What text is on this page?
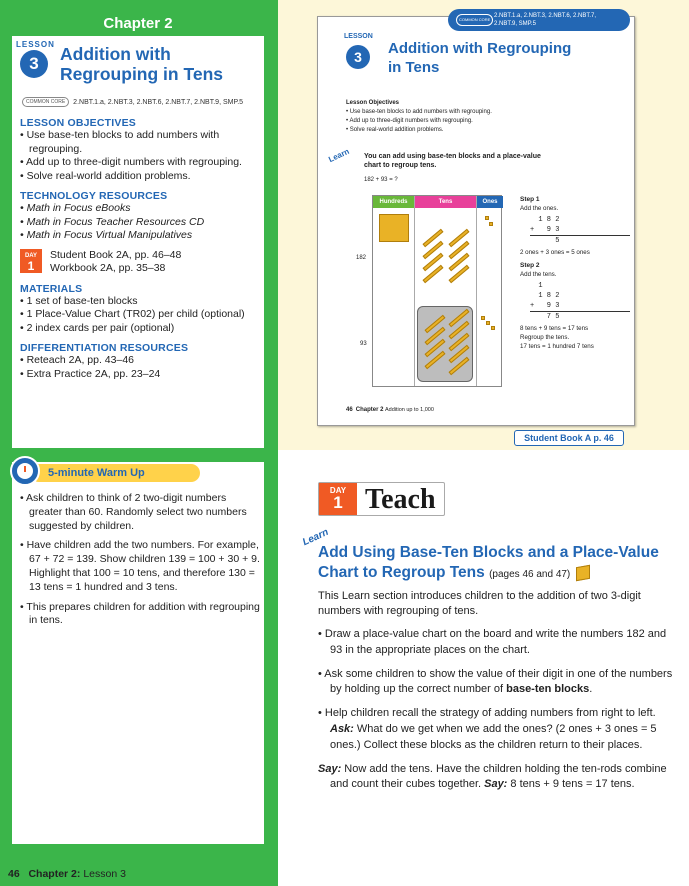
Chapter 2
LESSON
3	Addition with
Regrouping in Tens
COMMON CORE	2.NBT.1.a, 2.NBT.3, 2.NBT.6, 2.NBT.7, 2.NBT.9, SMP.5
LESSON OBJECTIVES
• Use base-ten blocks to add numbers with regrouping.
• Add up to three-digit numbers with regrouping.
• Solve real-world addition problems.
TECHNOLOGY RESOURCES
• Math in Focus eBooks
• Math in Focus Teacher Resources CD
• Math in Focus Virtual Manipulatives
DAY
1
Student Book 2A, pp. 46–48
Workbook 2A, pp. 35–38
MATERIALS
• 1 set of base-ten blocks
• 1 Place-Value Chart (TR02) per child (optional)
• 2 index cards per pair (optional)
DIFFERENTIATION RESOURCES
• Reteach 2A, pp. 43–46
• Extra Practice 2A, pp. 23–24
5-minute Warm Up
• Ask children to think of 2 two-digit numbers greater than 60. Randomly select two numbers suggested by children.
• Have children add the two numbers. For example, 67 + 72 = 139. Show children 139 = 100 + 30 + 9. Highlight that 100 = 10 tens, and therefore 130 = 13 tens = 1 hundred and 3 tens.
• This prepares children for addition with regrouping in tens.
46 Chapter 2: Lesson 3
COMMON CORE
2.NBT.1.a, 2.NBT.3, 2.NBT.6, 2.NBT.7,
2.NBT.9, SMP.5
LESSON
3	Addition with Regrouping
in Tens
Lesson Objectives
• Use base-ten blocks to add numbers with regrouping.
• Add up to three-digit numbers with regrouping.
• Solve real-world addition problems.
Learn You can add using base-ten blocks and a place-value chart to regroup tens.
182 + 93 = ?
Hundreds	Tens	Ones
182
93
Step 1
Add the ones.
1 8 2
+   9 3
5
2 ones + 3 ones = 5 ones
Step 2
Add the tens.
1
1 8 2
+   9 3
7 5
8 tens + 9 tens = 17 tens
Regroup the tens.
17 tens = 1 hundred 7 tens
46 Chapter 2 Addition up to 1,000
Student Book A p. 46
DAY
1 Teach
Learn
Add Using Base-Ten Blocks and a Place-Value Chart to Regroup Tens (pages 46 and 47)
This Learn section introduces children to the addition of two 3-digit numbers with regrouping of tens.
• Draw a place-value chart on the board and write the numbers 182 and 93 in the appropriate places on the chart.
• Ask some children to show the value of their digit in one of the numbers by holding up the correct number of base-ten blocks.
• Help children recall the strategy of adding numbers from right to left. Ask: What do we get when we add the ones? (2 ones + 3 ones = 5 ones.) Collect these blocks as the children return to their places.
Say: Now add the tens. Have the children holding the ten-rods combine and count their cubes together. Say: 8 tens + 9 tens = 17 tens.
